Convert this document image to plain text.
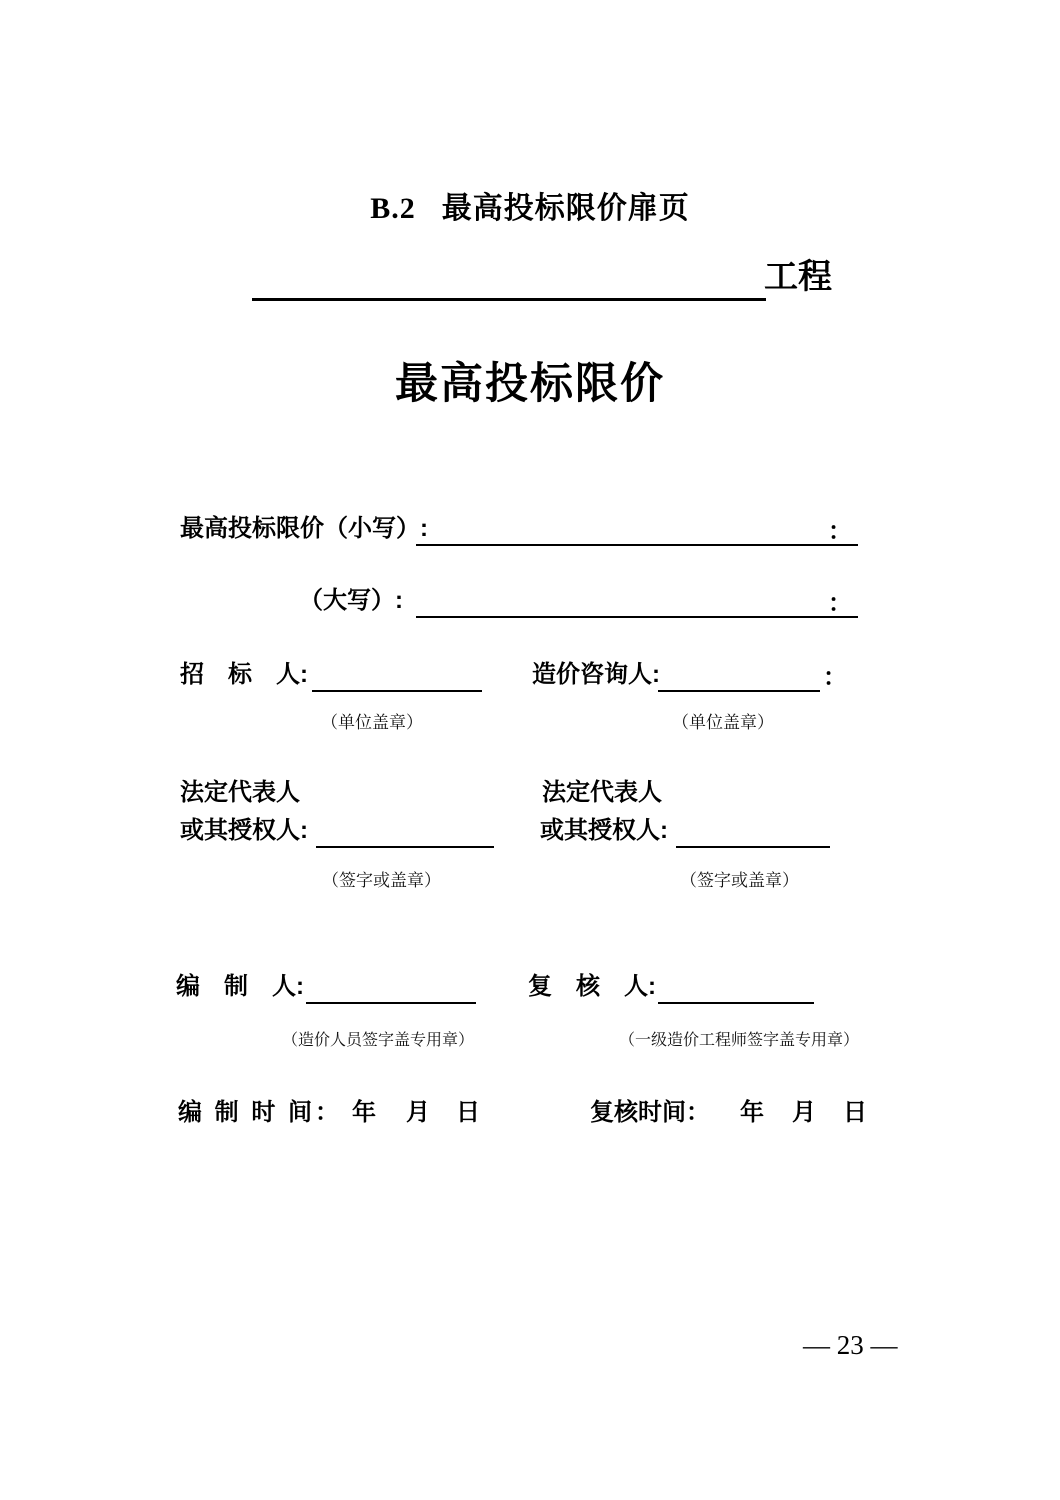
B.2 最高投标限价扉页
工程
最高投标限价
最高投标限价（小写）:	：
（大写）:	：
招　标　人:	造价咨询人:	：
（单位盖章）	（单位盖章）
法定代表人	法定代表人
或其授权人:	或其授权人:
（签字或盖章）	（签字或盖章）
编　制　人:	复　核　人:
（造价人员签字盖专用章）	（一级造价工程师签字盖专用章）
编 制 时 间： 年 月 日	复核时间： 年 月 日
— 23 —
